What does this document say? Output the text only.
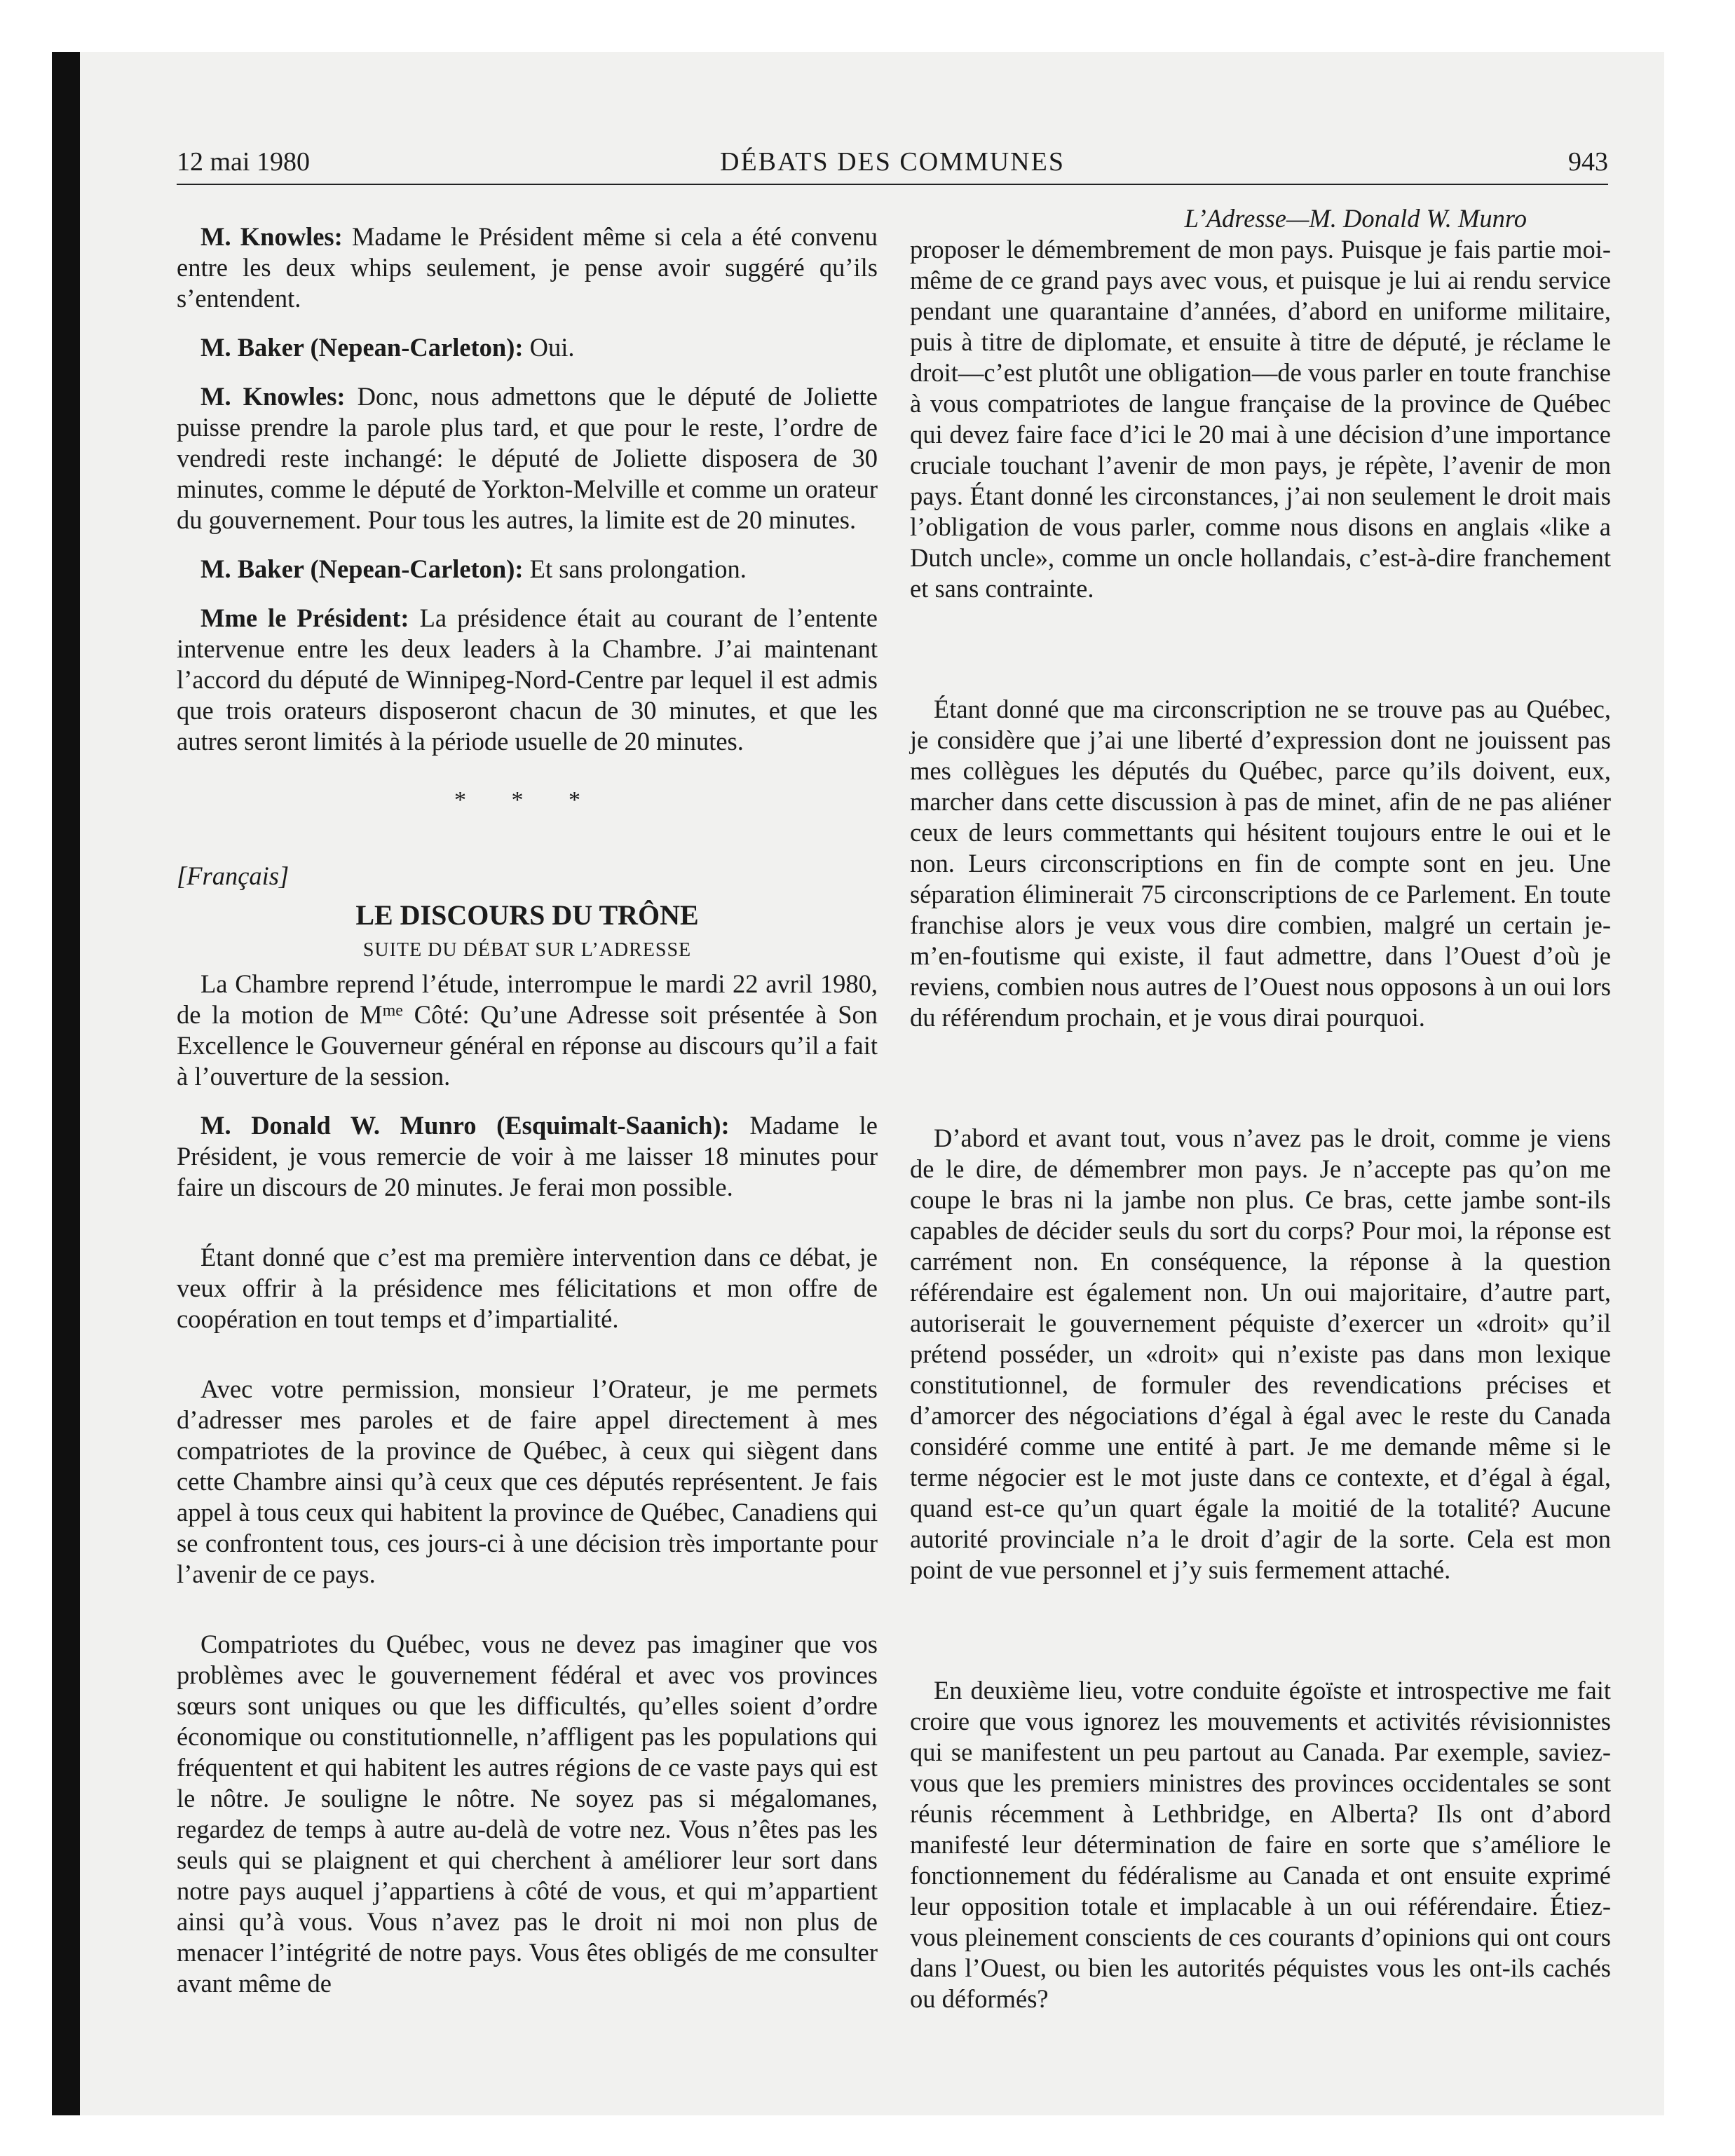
12 mai 1980	DÉBATS DES COMMUNES	943

M. Knowles: Madame le Président même si cela a été convenu entre les deux whips seulement, je pense avoir suggéré qu’ils s’entendent.

M. Baker (Nepean-Carleton): Oui.

M. Knowles: Donc, nous admettons que le député de Joliette puisse prendre la parole plus tard, et que pour le reste, l’ordre de vendredi reste inchangé: le député de Joliette disposera de 30 minutes, comme le député de Yorkton-Melville et comme un orateur du gouvernement. Pour tous les autres, la limite est de 20 minutes.

M. Baker (Nepean-Carleton): Et sans prolongation.

Mme le Président: La présidence était au courant de l’entente intervenue entre les deux leaders à la Chambre. J’ai maintenant l’accord du député de Winnipeg-Nord-Centre par lequel il est admis que trois orateurs disposeront chacun de 30 minutes, et que les autres seront limités à la période usuelle de 20 minutes.

* * *
[Français]
LE DISCOURS DU TRÔNE
SUITE DU DÉBAT SUR L’ADRESSE

La Chambre reprend l’étude, interrompue le mardi 22 avril 1980, de la motion de $M^{me}$ Côté: Qu’une Adresse soit présentée à Son Excellence le Gouverneur général en réponse au discours qu’il a fait à l’ouverture de la session.

M. Donald W. Munro (Esquimalt-Saanich): Madame le Président, je vous remercie de voir à me laisser 18 minutes pour faire un discours de 20 minutes. Je ferai mon possible.

Étant donné que c’est ma première intervention dans ce débat, je veux offrir à la présidence mes félicitations et mon offre de coopération en tout temps et d’impartialité.

Avec votre permission, monsieur l’Orateur, je me permets d’adresser mes paroles et de faire appel directement à mes compatriotes de la province de Québec, à ceux qui siègent dans cette Chambre ainsi qu’à ceux que ces députés représentent. Je fais appel à tous ceux qui habitent la province de Québec, Canadiens qui se confrontent tous, ces jours-ci à une décision très importante pour l’avenir de ce pays.

Compatriotes du Québec, vous ne devez pas imaginer que vos problèmes avec le gouvernement fédéral et avec vos provinces sœurs sont uniques ou que les difficultés, qu’elles soient d’ordre économique ou constitutionnelle, n’affligent pas les populations qui fréquentent et qui habitent les autres régions de ce vaste pays qui est le nôtre. Je souligne le nôtre. Ne soyez pas si mégalomanes, regardez de temps à autre au-delà de votre nez. Vous n’êtes pas les seuls qui se plaignent et qui cherchent à améliorer leur sort dans notre pays auquel j’appartiens à côté de vous, et qui m’appartient ainsi qu’à vous. Vous n’avez pas le droit ni moi non plus de menacer l’intégrité de notre pays. Vous êtes obligés de me consulter avant même de

L’Adresse—M. Donald W. Munro

proposer le démembrement de mon pays. Puisque je fais partie moi-même de ce grand pays avec vous, et puisque je lui ai rendu service pendant une quarantaine d’années, d’abord en uniforme militaire, puis à titre de diplomate, et ensuite à titre de député, je réclame le droit—c’est plutôt une obligation—de vous parler en toute franchise à vous compatriotes de langue française de la province de Québec qui devez faire face d’ici le 20 mai à une décision d’une importance cruciale touchant l’avenir de mon pays, je répète, l’avenir de mon pays. Étant donné les circonstances, j’ai non seulement le droit mais l’obligation de vous parler, comme nous disons en anglais «like a Dutch uncle», comme un oncle hollandais, c’est-à-dire franchement et sans contrainte.

Étant donné que ma circonscription ne se trouve pas au Québec, je considère que j’ai une liberté d’expression dont ne jouissent pas mes collègues les députés du Québec, parce qu’ils doivent, eux, marcher dans cette discussion à pas de minet, afin de ne pas aliéner ceux de leurs commettants qui hésitent toujours entre le oui et le non. Leurs circonscriptions en fin de compte sont en jeu. Une séparation éliminerait 75 circonscriptions de ce Parlement. En toute franchise alors je veux vous dire combien, malgré un certain je-m’en-foutisme qui existe, il faut admettre, dans l’Ouest d’où je reviens, combien nous autres de l’Ouest nous opposons à un oui lors du référendum prochain, et je vous dirai pourquoi.

D’abord et avant tout, vous n’avez pas le droit, comme je viens de le dire, de démembrer mon pays. Je n’accepte pas qu’on me coupe le bras ni la jambe non plus. Ce bras, cette jambe sont-ils capables de décider seuls du sort du corps? Pour moi, la réponse est carrément non. En conséquence, la réponse à la question référendaire est également non. Un oui majoritaire, d’autre part, autoriserait le gouvernement péquiste d’exercer un «droit» qu’il prétend posséder, un «droit» qui n’existe pas dans mon lexique constitutionnel, de formuler des revendications précises et d’amorcer des négociations d’égal à égal avec le reste du Canada considéré comme une entité à part. Je me demande même si le terme négocier est le mot juste dans ce contexte, et d’égal à égal, quand est-ce qu’un quart égale la moitié de la totalité? Aucune autorité provinciale n’a le droit d’agir de la sorte. Cela est mon point de vue personnel et j’y suis fermement attaché.

En deuxième lieu, votre conduite égoïste et introspective me fait croire que vous ignorez les mouvements et activités révisionnistes qui se manifestent un peu partout au Canada. Par exemple, saviez-vous que les premiers ministres des provinces occidentales se sont réunis récemment à Lethbridge, en Alberta? Ils ont d’abord manifesté leur détermination de faire en sorte que s’améliore le fonctionnement du fédéralisme au Canada et ont ensuite exprimé leur opposition totale et implacable à un oui référendaire. Étiez-vous pleinement conscients de ces courants d’opinions qui ont cours dans l’Ouest, ou bien les autorités péquistes vous les ont-ils cachés ou déformés?
